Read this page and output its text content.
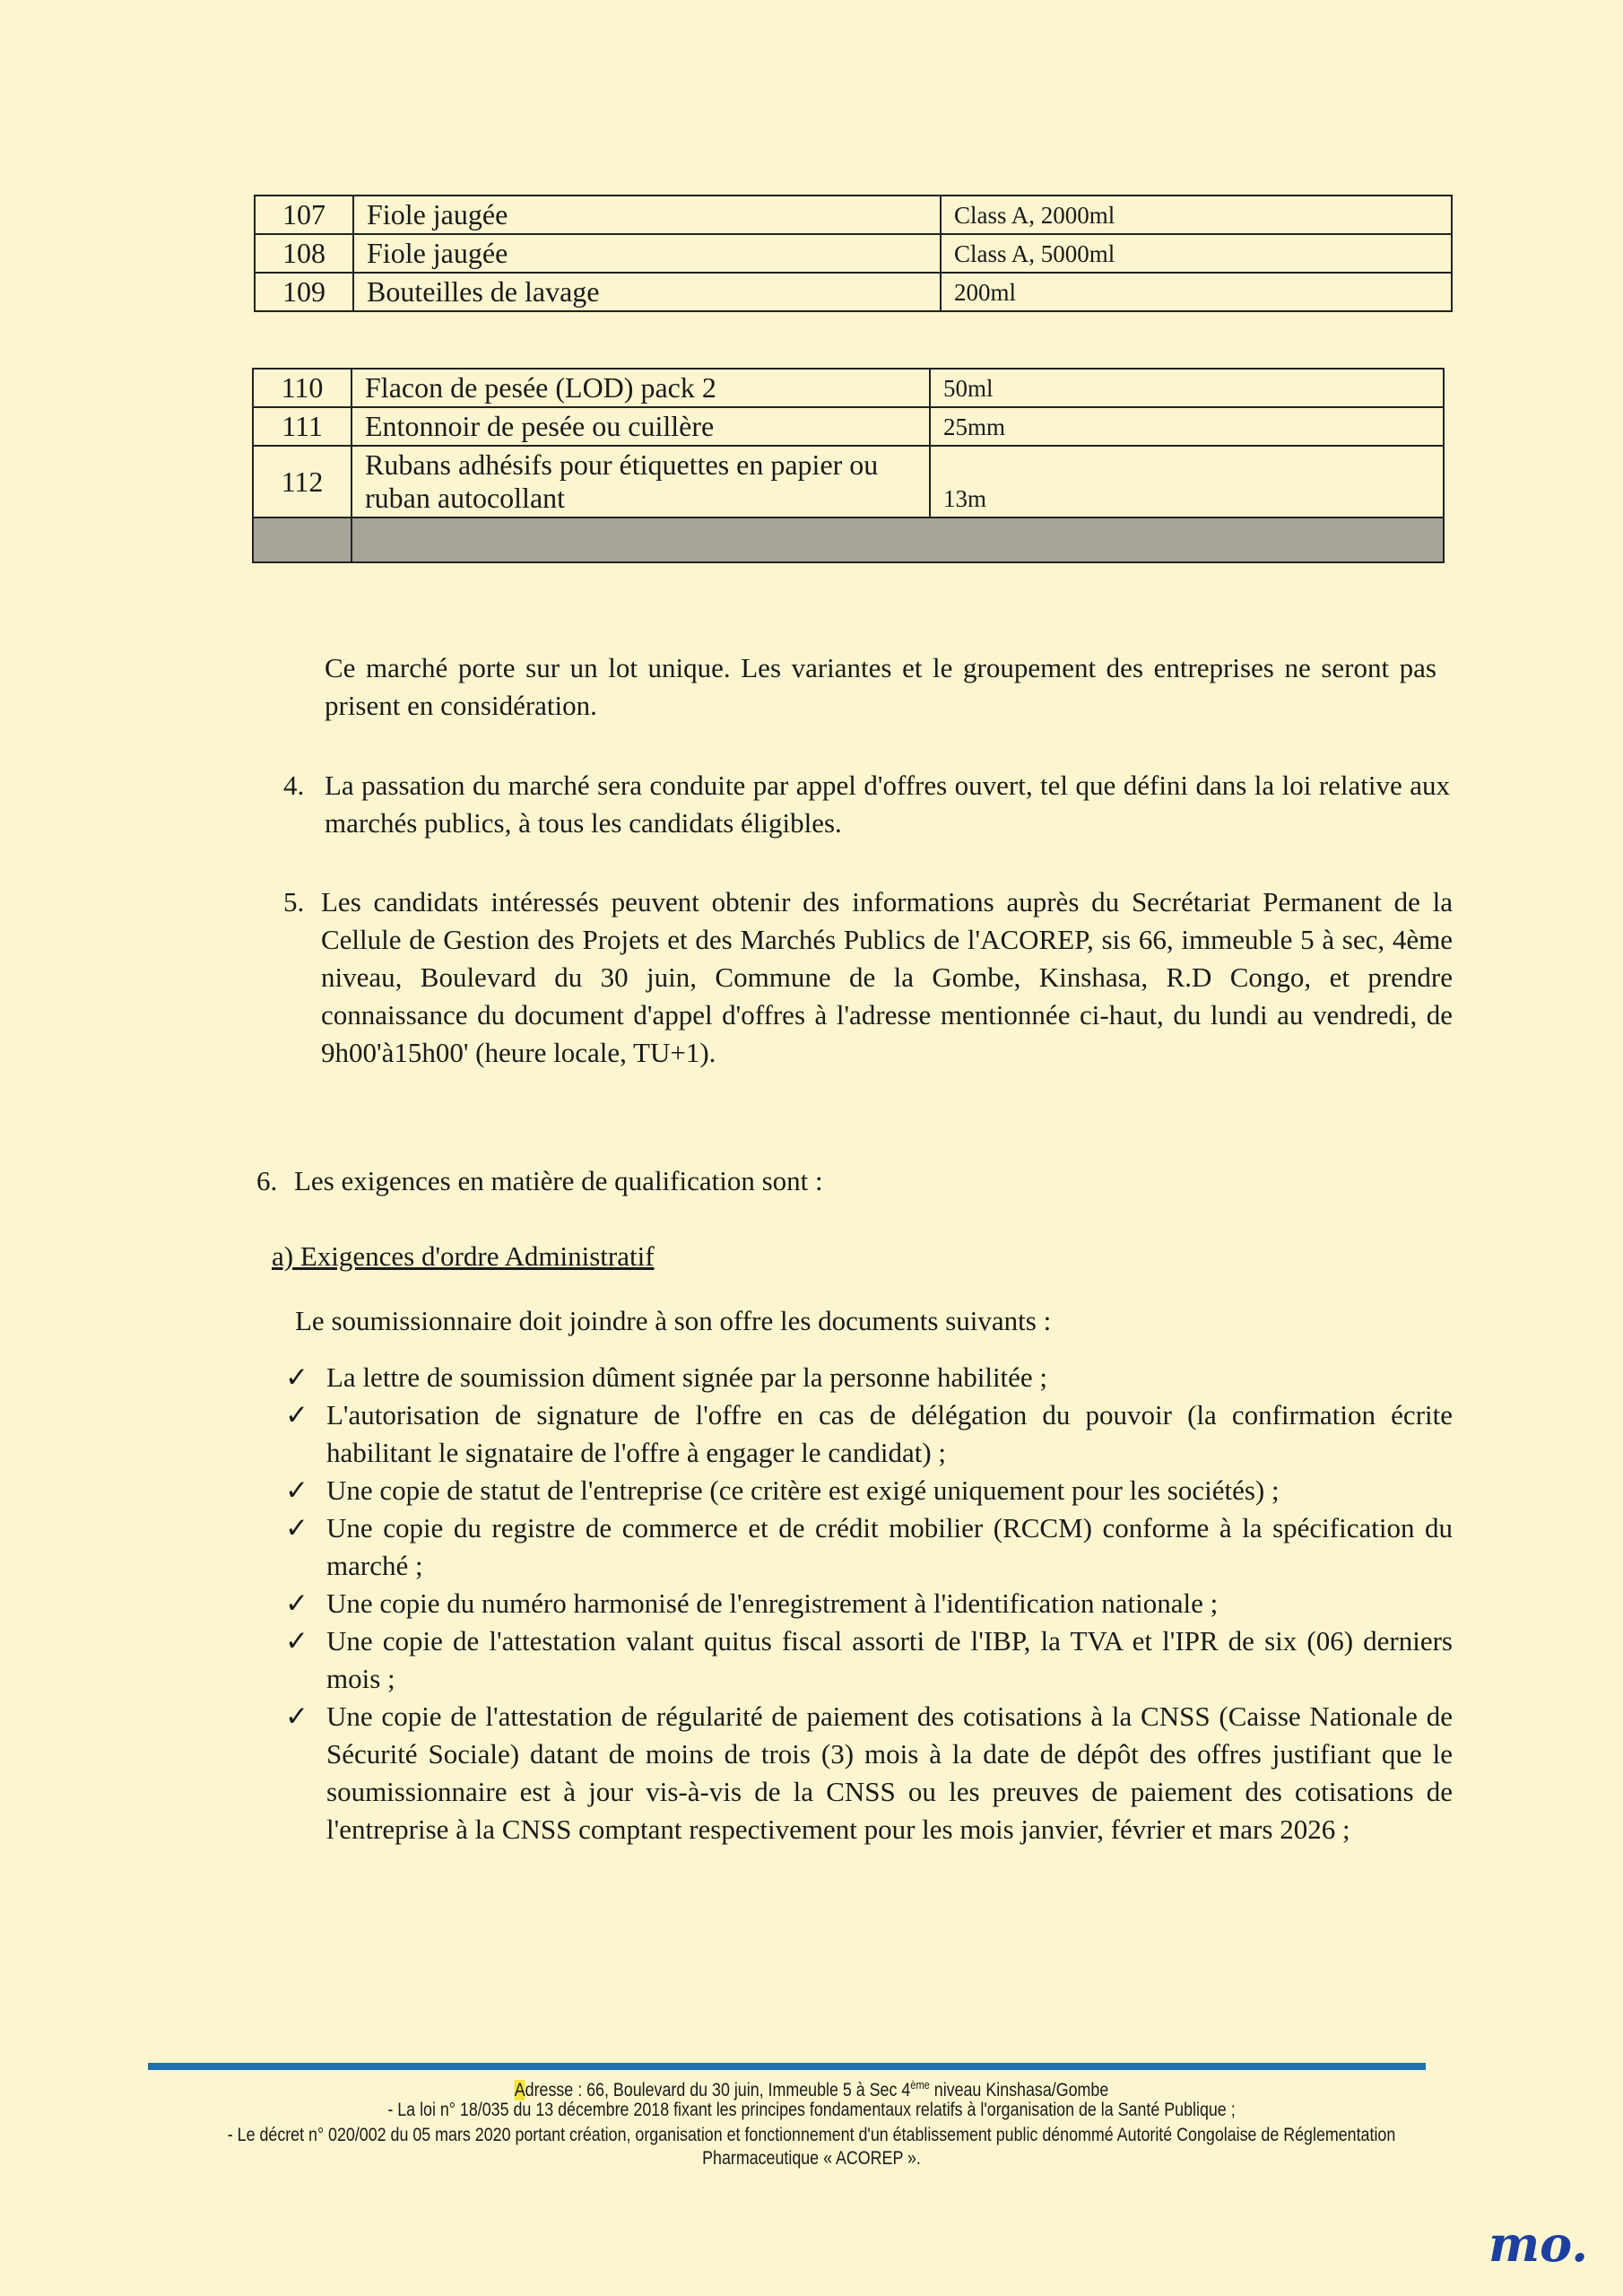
107	Fiole jaugée	Class A, 2000ml
108	Fiole jaugée	Class A, 5000ml
109	Bouteilles de lavage	200ml
110	Flacon de pesée (LOD) pack 2	50ml
111	Entonnoir de pesée ou cuillère	25mm
112	Rubans adhésifs pour étiquettes en papier ou ruban autocollant	13m

Ce marché porte sur un lot unique. Les variantes et le groupement des entreprises ne seront pas prisent en considération.
4. La passation du marché sera conduite par appel d'offres ouvert, tel que défini dans la loi relative aux marchés publics, à tous les candidats éligibles.
5. Les candidats intéressés peuvent obtenir des informations auprès du Secrétariat Permanent de la Cellule de Gestion des Projets et des Marchés Publics de l'ACOREP, sis 66, immeuble 5 à sec, 4ème niveau, Boulevard du 30 juin, Commune de la Gombe, Kinshasa, R.D Congo, et prendre connaissance du document d'appel d'offres à l'adresse mentionnée ci-haut, du lundi au vendredi, de 9h00'à15h00' (heure locale, TU+1).
6. Les exigences en matière de qualification sont :
a) Exigences d'ordre Administratif
Le soumissionnaire doit joindre à son offre les documents suivants :
✓ La lettre de soumission dûment signée par la personne habilitée ;
✓ L'autorisation de signature de l'offre en cas de délégation du pouvoir (la confirmation écrite habilitant le signataire de l'offre à engager le candidat) ;
✓ Une copie de statut de l'entreprise (ce critère est exigé uniquement pour les sociétés) ;
✓ Une copie du registre de commerce et de crédit mobilier (RCCM) conforme à la spécification du marché ;
✓ Une copie du numéro harmonisé de l'enregistrement à l'identification nationale ;
✓ Une copie de l'attestation valant quitus fiscal assorti de l'IBP, la TVA et l'IPR de six (06) derniers mois ;
✓ Une copie de l'attestation de régularité de paiement des cotisations à la CNSS (Caisse Nationale de Sécurité Sociale) datant de moins de trois (3) mois à la date de dépôt des offres justifiant que le soumissionnaire est à jour vis-à-vis de la CNSS ou les preuves de paiement des cotisations de l'entreprise à la CNSS comptant respectivement pour les mois janvier, février et mars 2026 ;
Adresse : 66, Boulevard du 30 juin, Immeuble 5 à Sec 4ème niveau Kinshasa/Gombe
- La loi n° 18/035 du 13 décembre 2018 fixant les principes fondamentaux relatifs à l'organisation de la Santé Publique ;
- Le décret n° 020/002 du 05 mars 2020 portant création, organisation et fonctionnement d'un établissement public dénommé Autorité Congolaise de Réglementation Pharmaceutique « ACOREP ».
mo.
